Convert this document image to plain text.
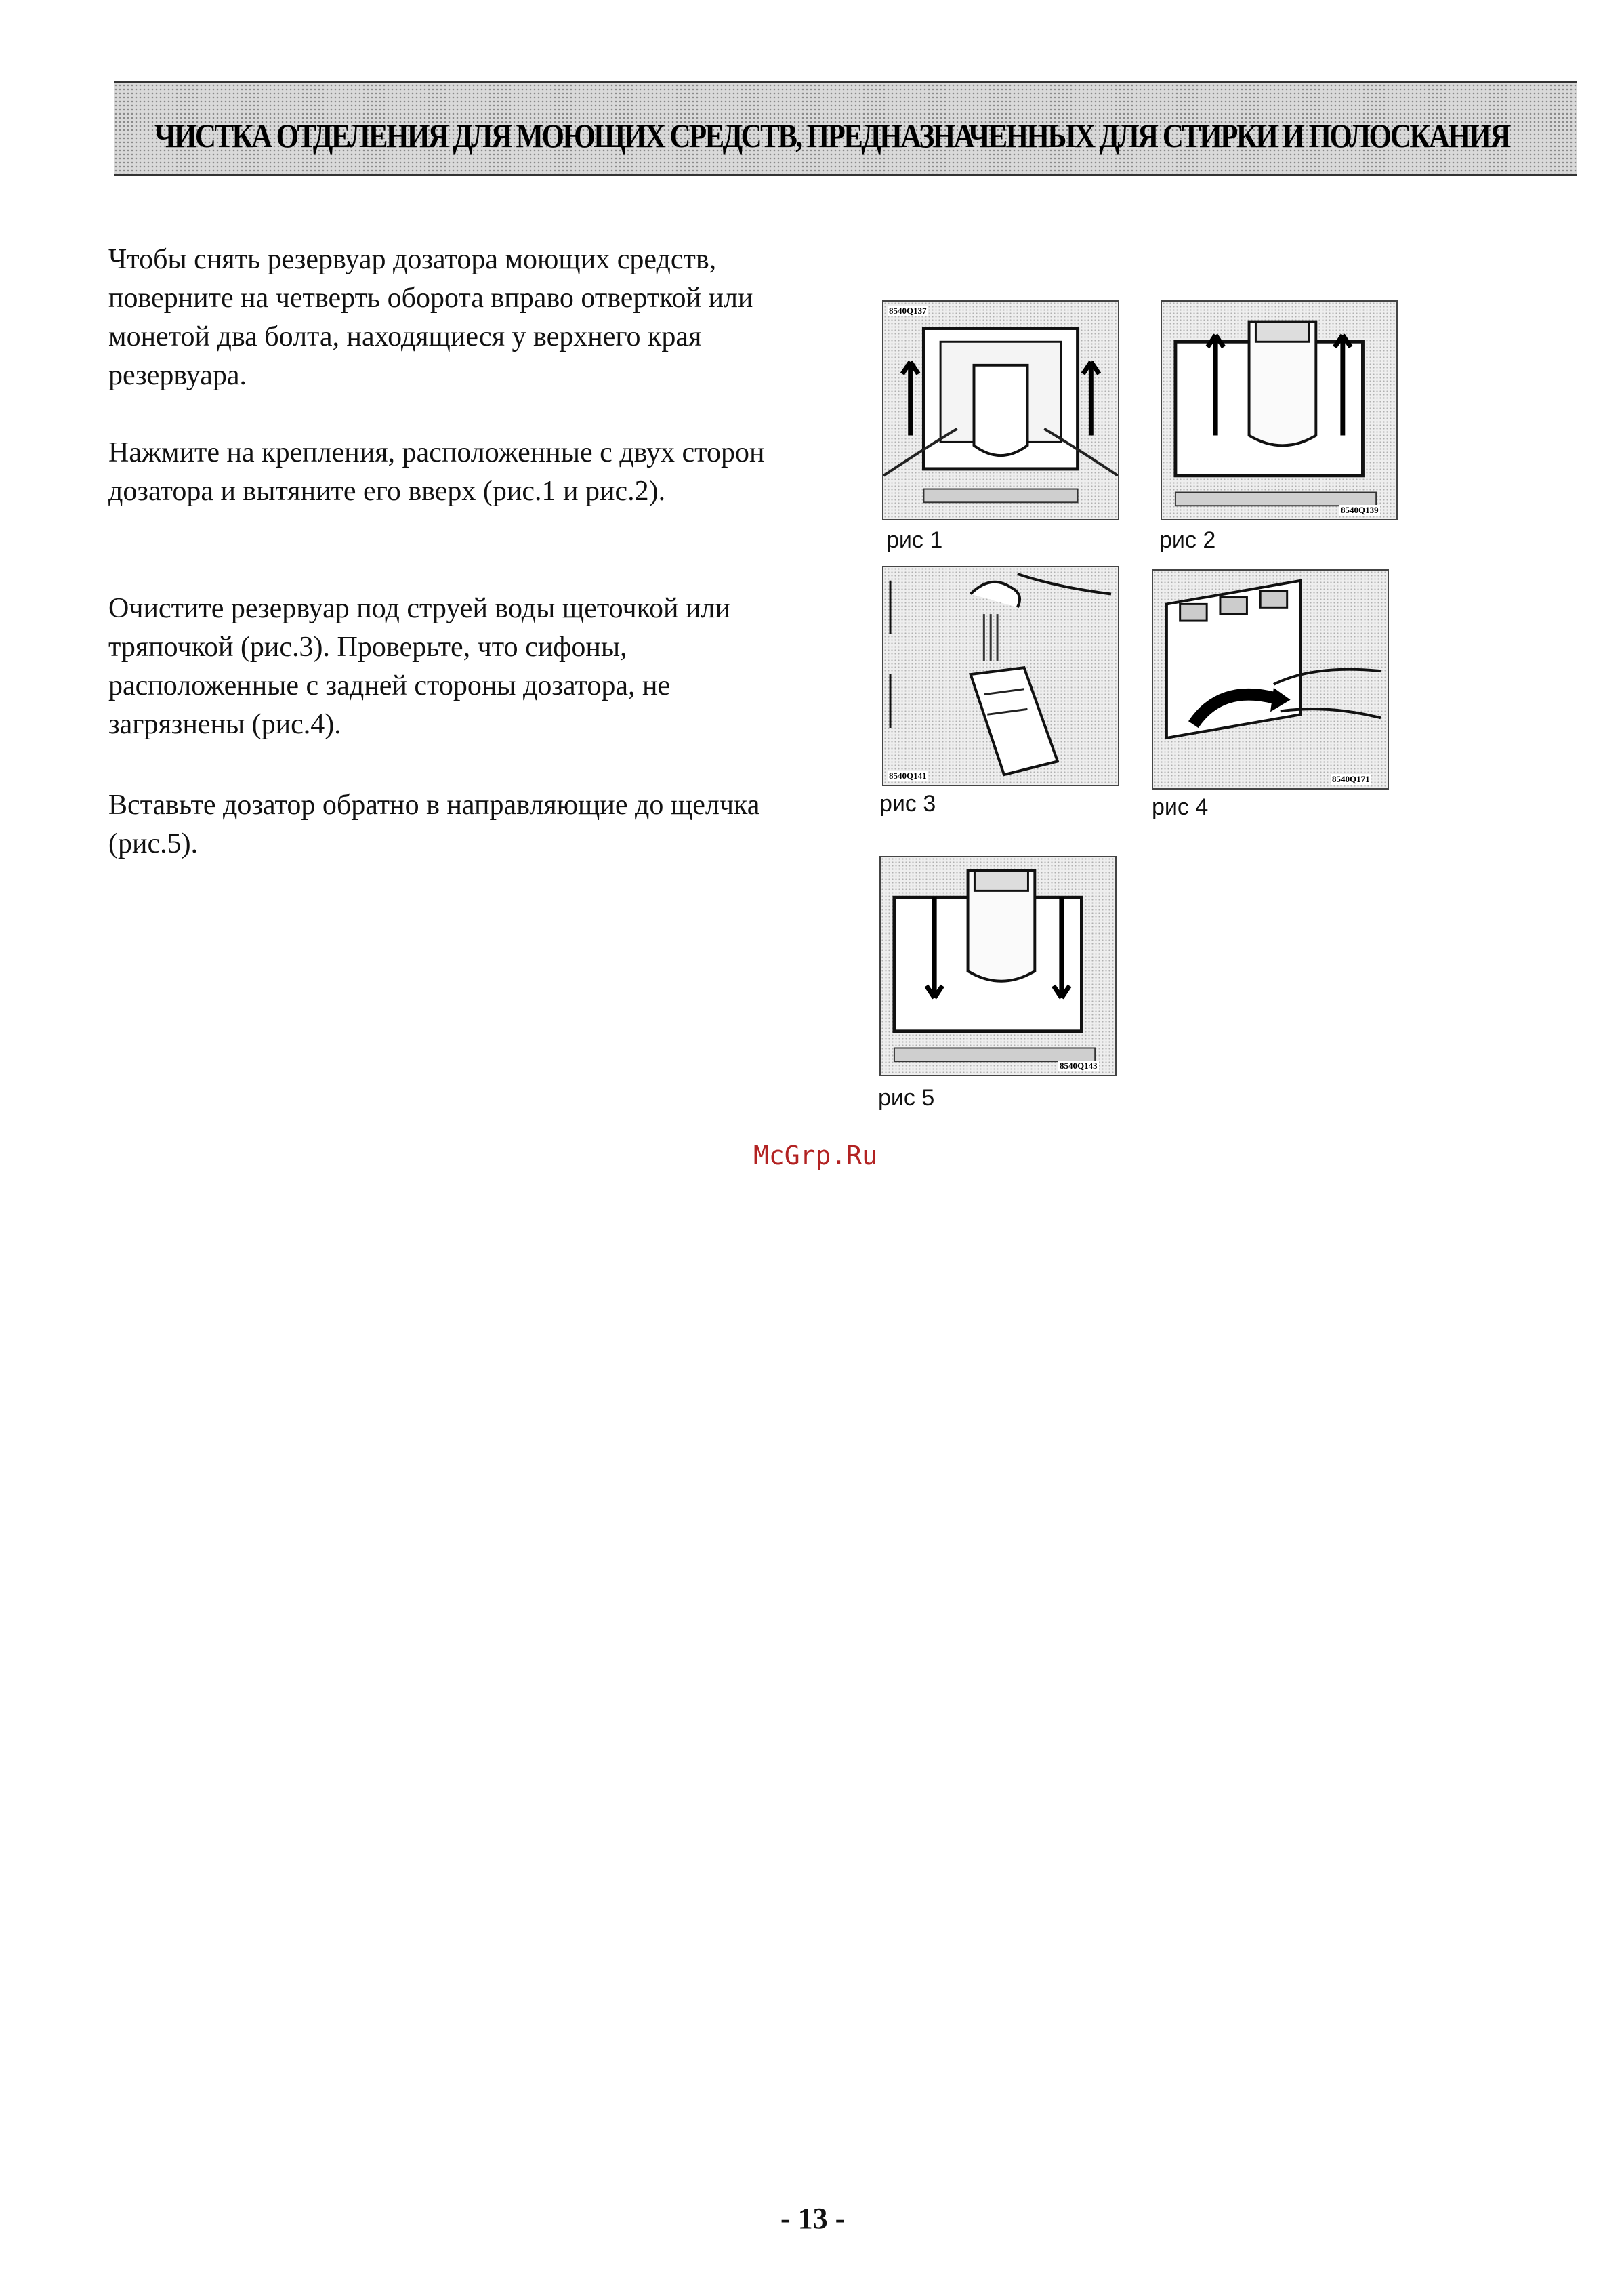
ЧИСТКА ОТДЕЛЕНИЯ ДЛЯ МОЮЩИХ СРЕДСТВ, ПРЕДНАЗНАЧЕННЫХ ДЛЯ СТИРКИ И ПОЛОСКАНИЯ

Чтобы снять резервуар дозатора моющих средств, поверните на четверть оборота вправо отверткой или монетой два болта, находящиеся у верхнего края резервуара.

Нажмите на крепления, расположенные с двух сторон дозатора и вытяните его вверх (рис.1 и рис.2).

Очистите резервуар под струей воды щеточкой или тряпочкой (рис.3). Проверьте, что сифоны, расположенные с задней стороны дозатора, не загрязнены (рис.4).

Вставьте дозатор обратно в направляющие до щелчка (рис.5).

8540Q137
рис 1
8540Q139
рис 2
8540Q141
рис 3
8540Q171
рис 4
8540Q143
рис 5
McGrp.Ru
- 13 -
